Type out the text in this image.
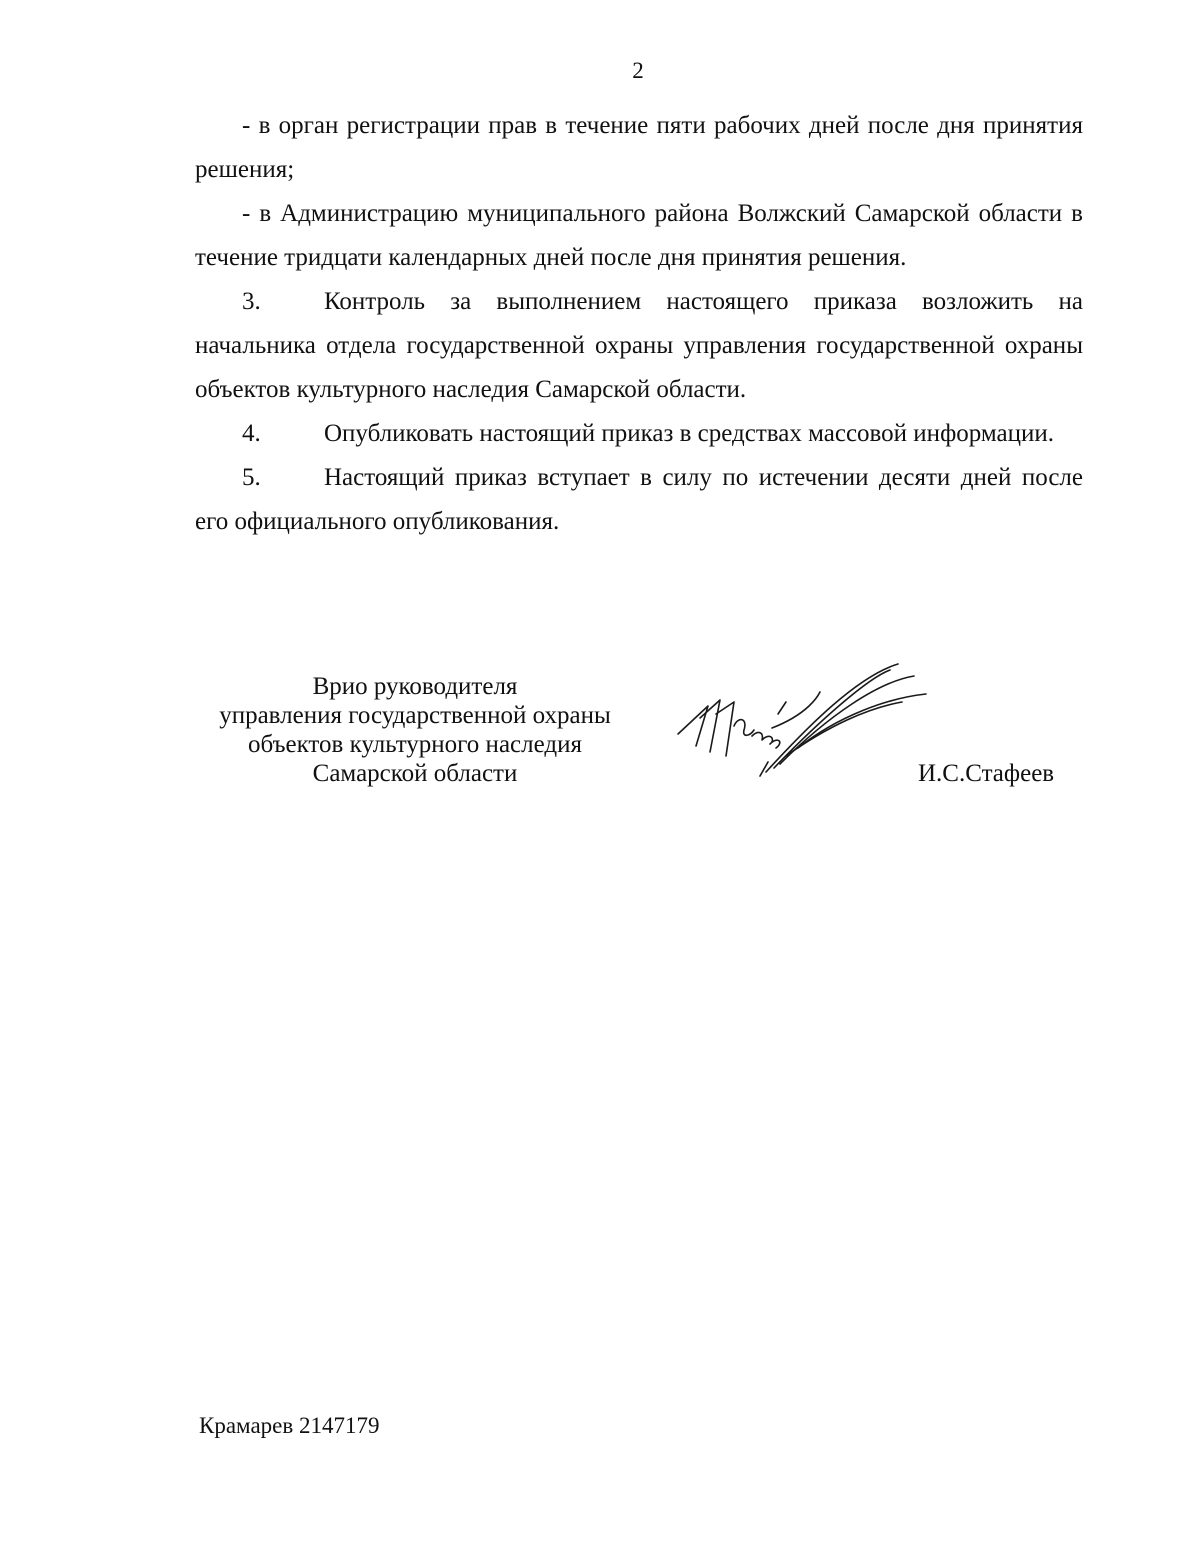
2

- в орган регистрации прав в течение пяти рабочих дней после дня принятия решения;

- в Администрацию муниципального района Волжский Самарской области в течение тридцати календарных дней после дня принятия решения.

3.	Контроль за выполнением настоящего приказа возложить на начальника отдела государственной охраны управления государственной охраны объектов культурного наследия Самарской области.

4.	Опубликовать настоящий приказ в средствах массовой информации.

5.	Настоящий приказ вступает в силу по истечении десяти дней после его официального опубликования.

Врио руководителя
управления государственной охраны
объектов культурного наследия
Самарской области	И.С.Стафеев
Крамарев 2147179
